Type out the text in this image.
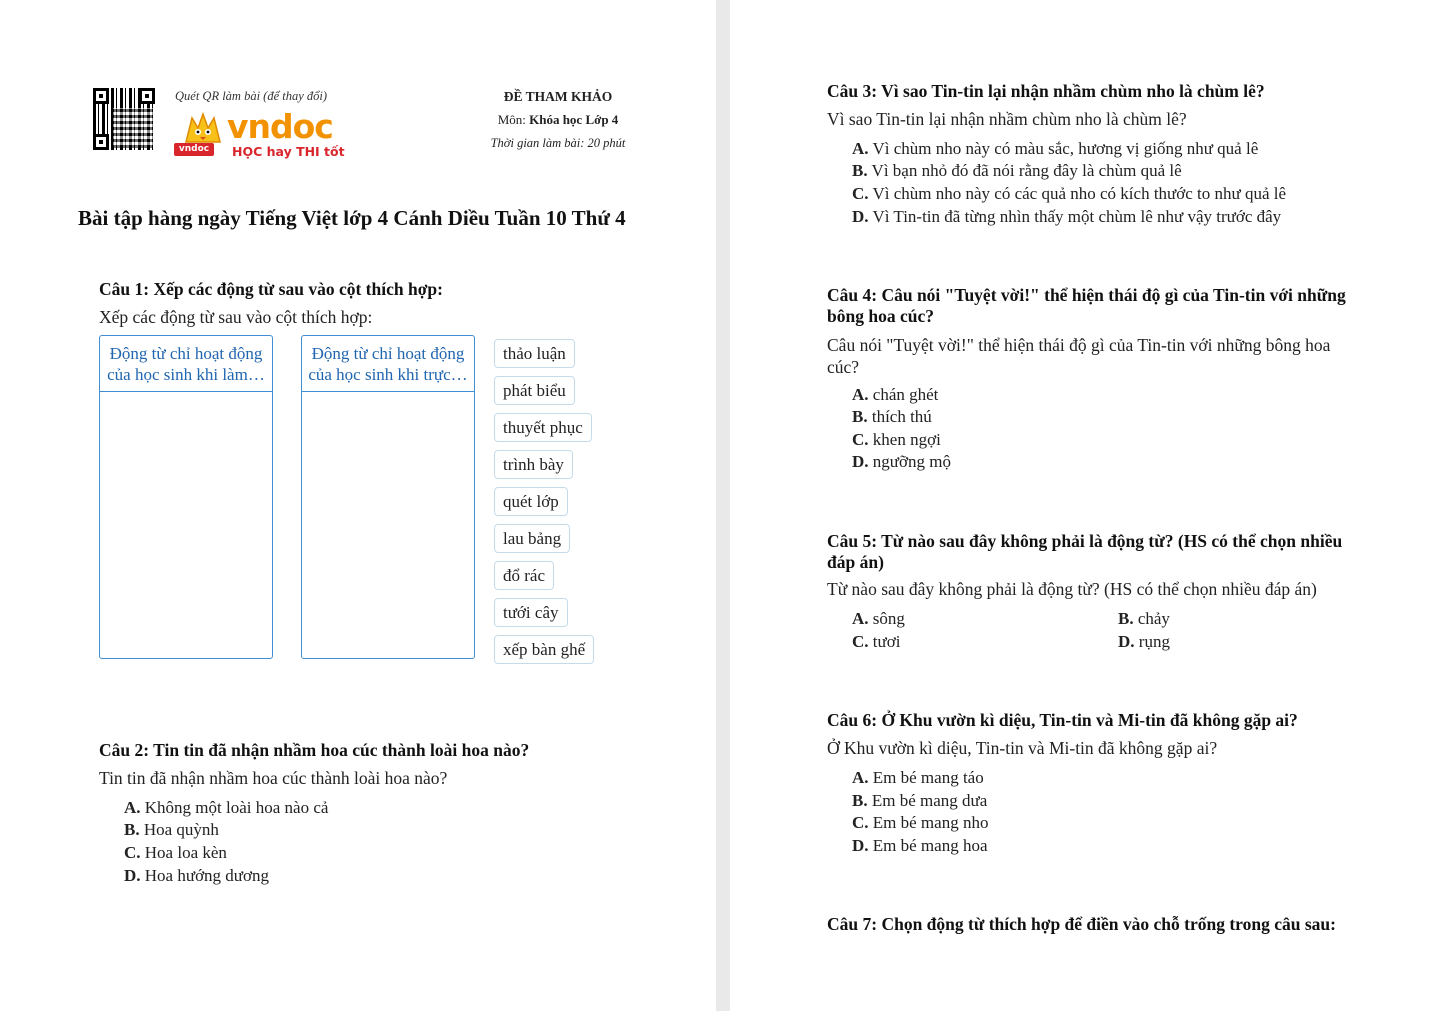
Quét QR làm bài (để thay đổi)
vndoc
vndoc	HỌC hay THI tốt
ĐỀ THAM KHẢO
Môn: Khóa học Lớp 4
Thời gian làm bài: 20 phút
Bài tập hàng ngày Tiếng Việt lớp 4 Cánh Diều Tuần 10 Thứ 4
Câu 1: Xếp các động từ sau vào cột thích hợp:
Xếp các động từ sau vào cột thích hợp:
Động từ chỉ hoạt động
của học sinh khi làm…
Động từ chỉ hoạt động
của học sinh khi trực…
thảo luận
phát biểu
thuyết phục
trình bày
quét lớp
lau bảng
đổ rác
tưới cây
xếp bàn ghế
Câu 2: Tin tin đã nhận nhầm hoa cúc thành loài hoa nào?
Tin tin đã nhận nhầm hoa cúc thành loài hoa nào?
A. Không một loài hoa nào cả
B. Hoa quỳnh
C. Hoa loa kèn
D. Hoa hướng dương
Câu 3: Vì sao Tin-tin lại nhận nhầm chùm nho là chùm lê?
Vì sao Tin-tin lại nhận nhầm chùm nho là chùm lê?
A. Vì chùm nho này có màu sắc, hương vị giống như quả lê
B. Vì bạn nhỏ đó đã nói rằng đây là chùm quả lê
C. Vì chùm nho này có các quả nho có kích thước to như quả lê
D. Vì Tin-tin đã từng nhìn thấy một chùm lê như vậy trước đây
Câu 4: Câu nói "Tuyệt vời!" thể hiện thái độ gì của Tin-tin với những
bông hoa cúc?
Câu nói "Tuyệt vời!" thể hiện thái độ gì của Tin-tin với những bông hoa
cúc?
A. chán ghét
B. thích thú
C. khen ngợi
D. ngưỡng mộ
Câu 5: Từ nào sau đây không phải là động từ? (HS có thể chọn nhiều
đáp án)
Từ nào sau đây không phải là động từ? (HS có thể chọn nhiều đáp án)
A. sông	B. chảy
C. tươi	D. rụng
Câu 6: Ở Khu vườn kì diệu, Tin-tin và Mi-tin đã không gặp ai?
Ở Khu vườn kì diệu, Tin-tin và Mi-tin đã không gặp ai?
A. Em bé mang táo
B. Em bé mang dưa
C. Em bé mang nho
D. Em bé mang hoa
Câu 7: Chọn động từ thích hợp để điền vào chỗ trống trong câu sau:
